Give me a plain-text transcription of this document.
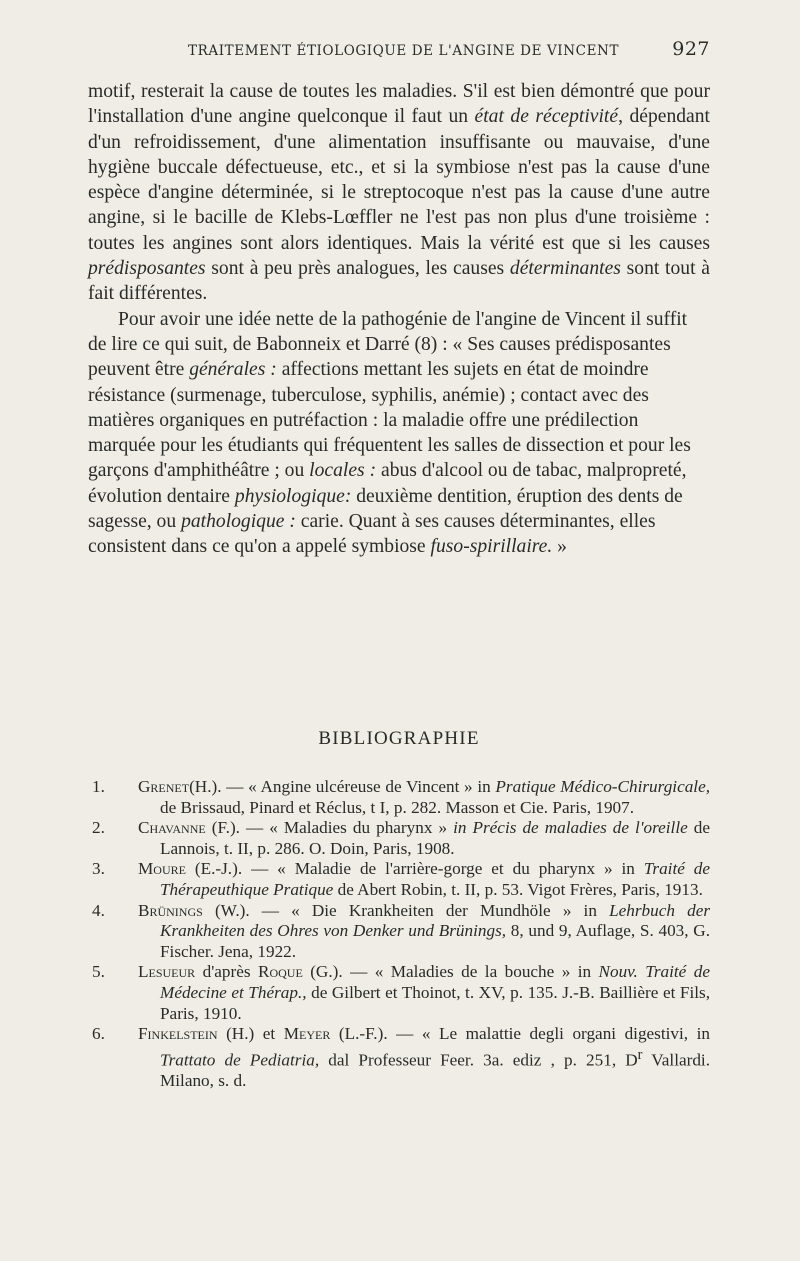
TRAITEMENT ÉTIOLOGIQUE DE L'ANGINE DE VINCENT	927

motif, resterait la cause de toutes les maladies. S'il est bien démontré que pour l'installation d'une angine quelconque il faut un état de réceptivité, dépendant d'un refroidissement, d'une alimentation insuffisante ou mauvaise, d'une hygiène buccale défectueuse, etc., et si la symbiose n'est pas la cause d'une espèce d'angine déterminée, si le streptocoque n'est pas la cause d'une autre angine, si le bacille de Klebs-Lœffler ne l'est pas non plus d'une troisième : toutes les angines sont alors identiques. Mais la vérité est que si les causes prédisposantes sont à peu près analogues, les causes déterminantes sont tout à fait différentes.

Pour avoir une idée nette de la pathogénie de l'angine de Vincent il suffit de lire ce qui suit, de Babonneix et Darré (8) : « Ses causes prédisposantes peuvent être générales : affections mettant les sujets en état de moindre résistance (surmenage, tuberculose, syphilis, anémie) ; contact avec des matières organiques en putréfaction : la maladie offre une prédilection marquée pour les étudiants qui fréquentent les salles de dissection et pour les garçons d'amphithéâtre ; ou locales : abus d'alcool ou de tabac, malpropreté, évolution dentaire physiologique: deuxième dentition, éruption des dents de sagesse, ou pathologique : carie. Quant à ses causes déterminantes, elles consistent dans ce qu'on a appelé symbiose fuso-spirillaire. »

BIBLIOGRAPHIE
1. Grenet(H.). — « Angine ulcéreuse de Vincent » in Pratique Médico-Chirurgicale, de Brissaud, Pinard et Réclus, t I, p. 282. Masson et Cie. Paris, 1907.
2. Chavanne (F.). — « Maladies du pharynx » in Précis de maladies de l'oreille de Lannois, t. II, p. 286. O. Doin, Paris, 1908.
3. Moure (E.-J.). — « Maladie de l'arrière-gorge et du pharynx » in Traité de Thérapeuthique Pratique de Abert Robin, t. II, p. 53. Vigot Frères, Paris, 1913.
4. Brünings (W.). — « Die Krankheiten der Mundhöle » in Lehrbuch der Krankheiten des Ohres von Denker und Brünings, 8, und 9, Auflage, S. 403, G. Fischer. Jena, 1922.
5. Lesueur d'après Roque (G.). — « Maladies de la bouche » in Nouv. Traité de Médecine et Thérap., de Gilbert et Thoinot, t. XV, p. 135. J.-B. Baillière et Fils, Paris, 1910.
6. Finkelstein (H.) et Meyer (L.-F.). — « Le malattie degli organi digestivi, in Trattato de Pediatria, dal Professeur Feer. 3a. ediz , p. 251, $D^r$ Vallardi. Milano, s. d.
